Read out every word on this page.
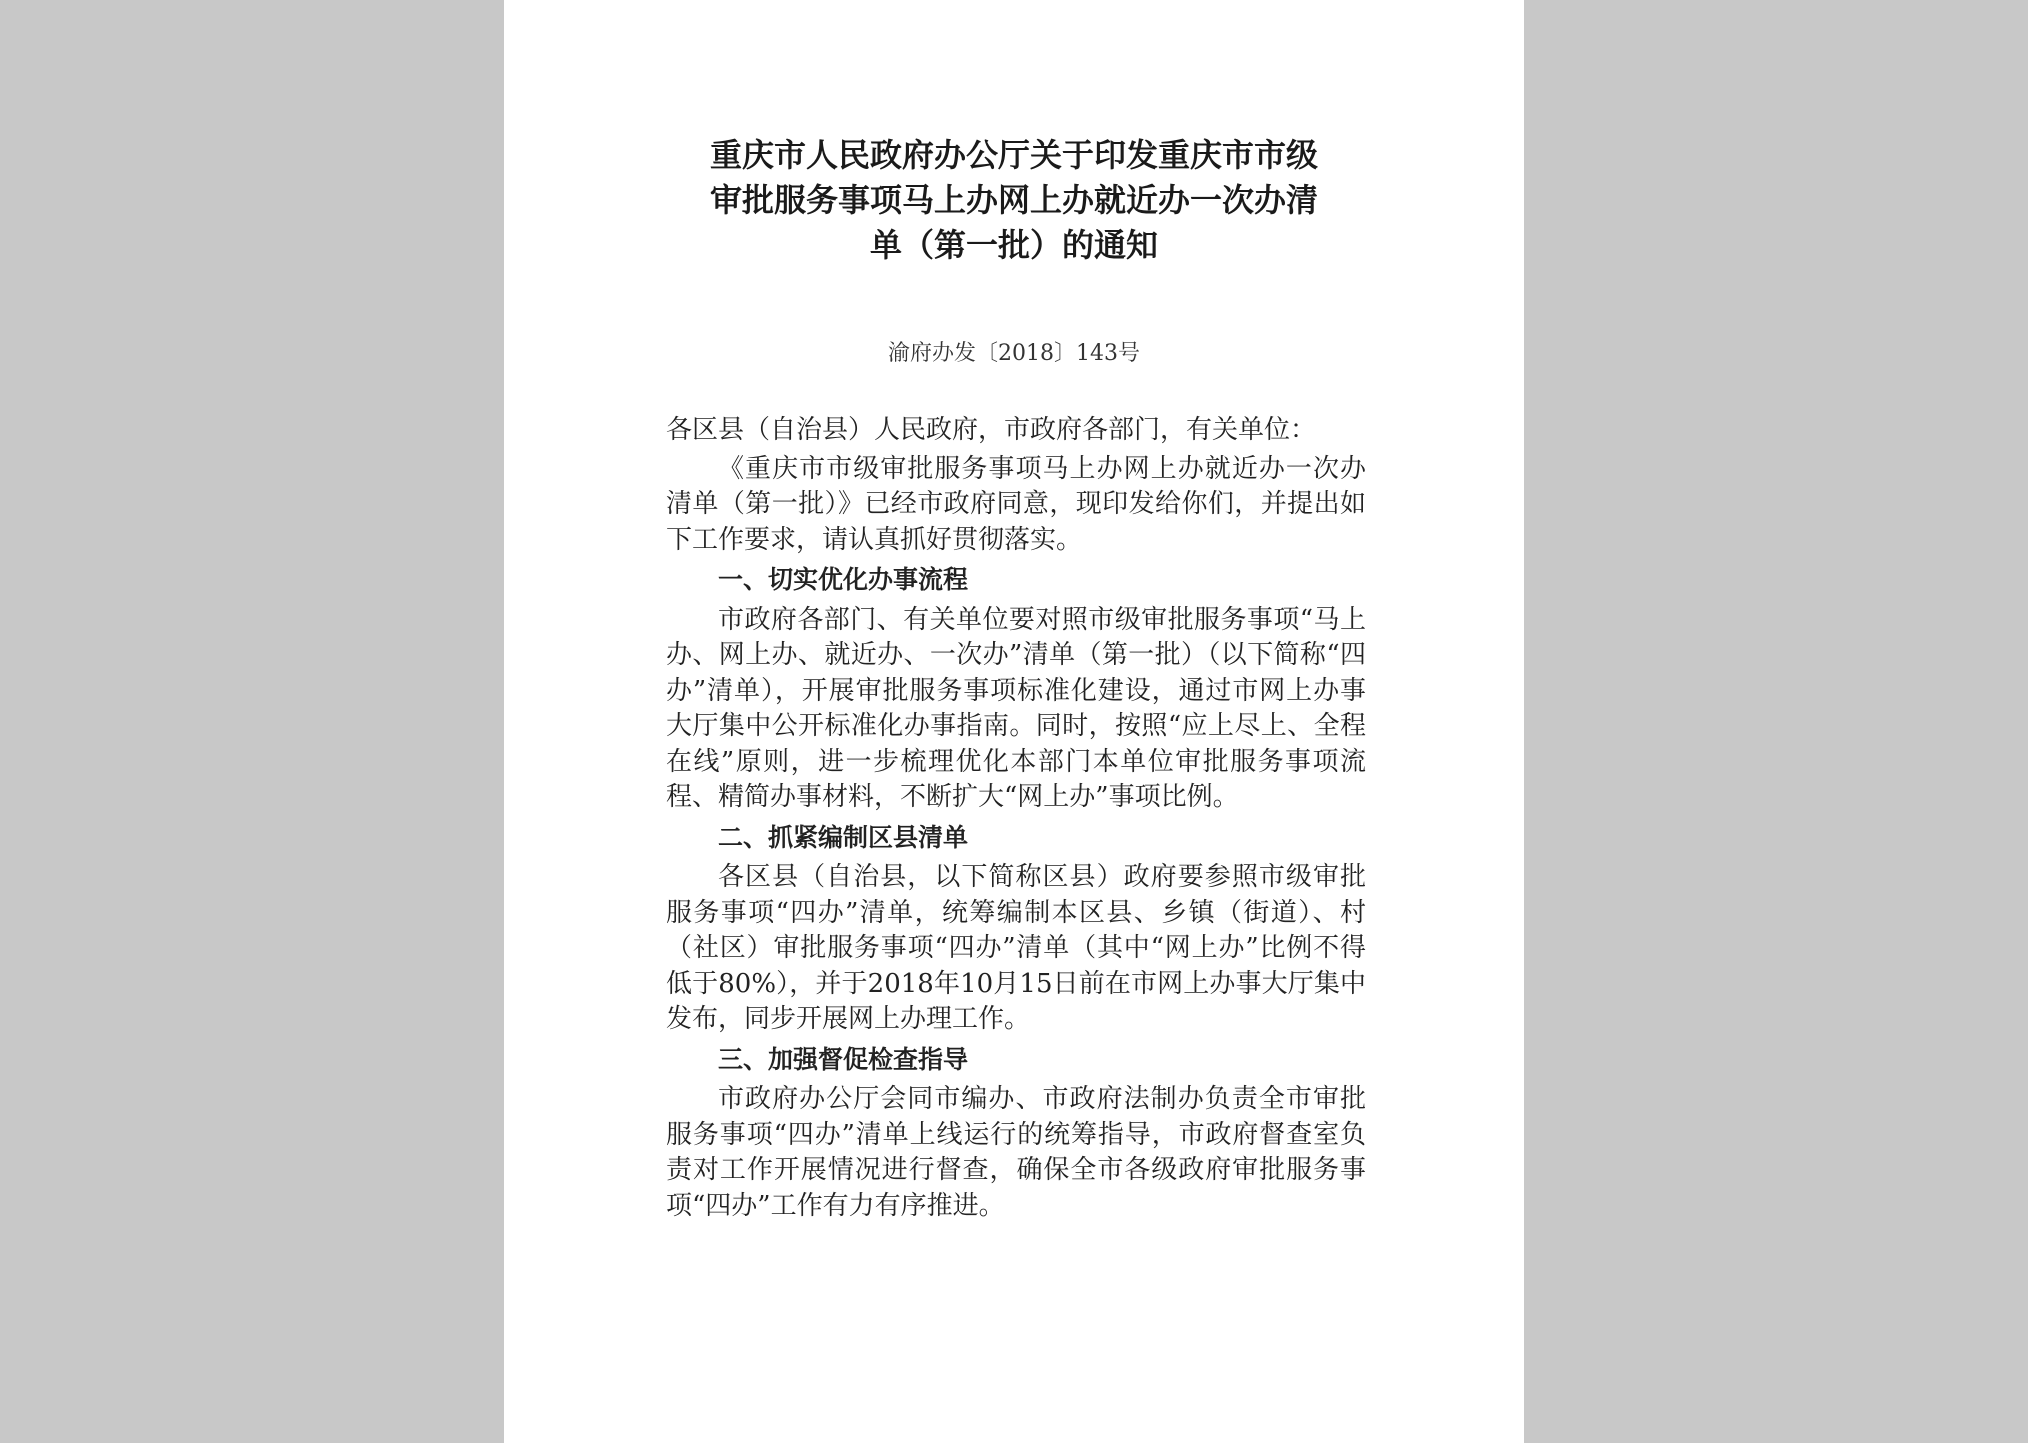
重庆市人民政府办公厅关于印发重庆市市级
审批服务事项马上办网上办就近办一次办清
单（第一批）的通知
渝府办发〔2018〕143号

各区县（自治县）人民政府，市政府各部门，有关单位：

《重庆市市级审批服务事项马上办网上办就近办一次办清单（第一批）》已经市政府同意，现印发给你们，并提出如下工作要求，请认真抓好贯彻落实。

一、切实优化办事流程

市政府各部门、有关单位要对照市级审批服务事项“马上办、网上办、就近办、一次办”清单（第一批）（以下简称“四办”清单），开展审批服务事项标准化建设，通过市网上办事大厅集中公开标准化办事指南。同时，按照“应上尽上、全程在线”原则，进一步梳理优化本部门本单位审批服务事项流程、精简办事材料，不断扩大“网上办”事项比例。

二、抓紧编制区县清单

各区县（自治县，以下简称区县）政府要参照市级审批服务事项“四办”清单，统筹编制本区县、乡镇（街道）、村（社区）审批服务事项“四办”清单（其中“网上办”比例不得低于80%），并于2018年10月15日前在市网上办事大厅集中发布，同步开展网上办理工作。

三、加强督促检查指导

市政府办公厅会同市编办、市政府法制办负责全市审批服务事项“四办”清单上线运行的统筹指导，市政府督查室负责对工作开展情况进行督查，确保全市各级政府审批服务事项“四办”工作有力有序推进。
